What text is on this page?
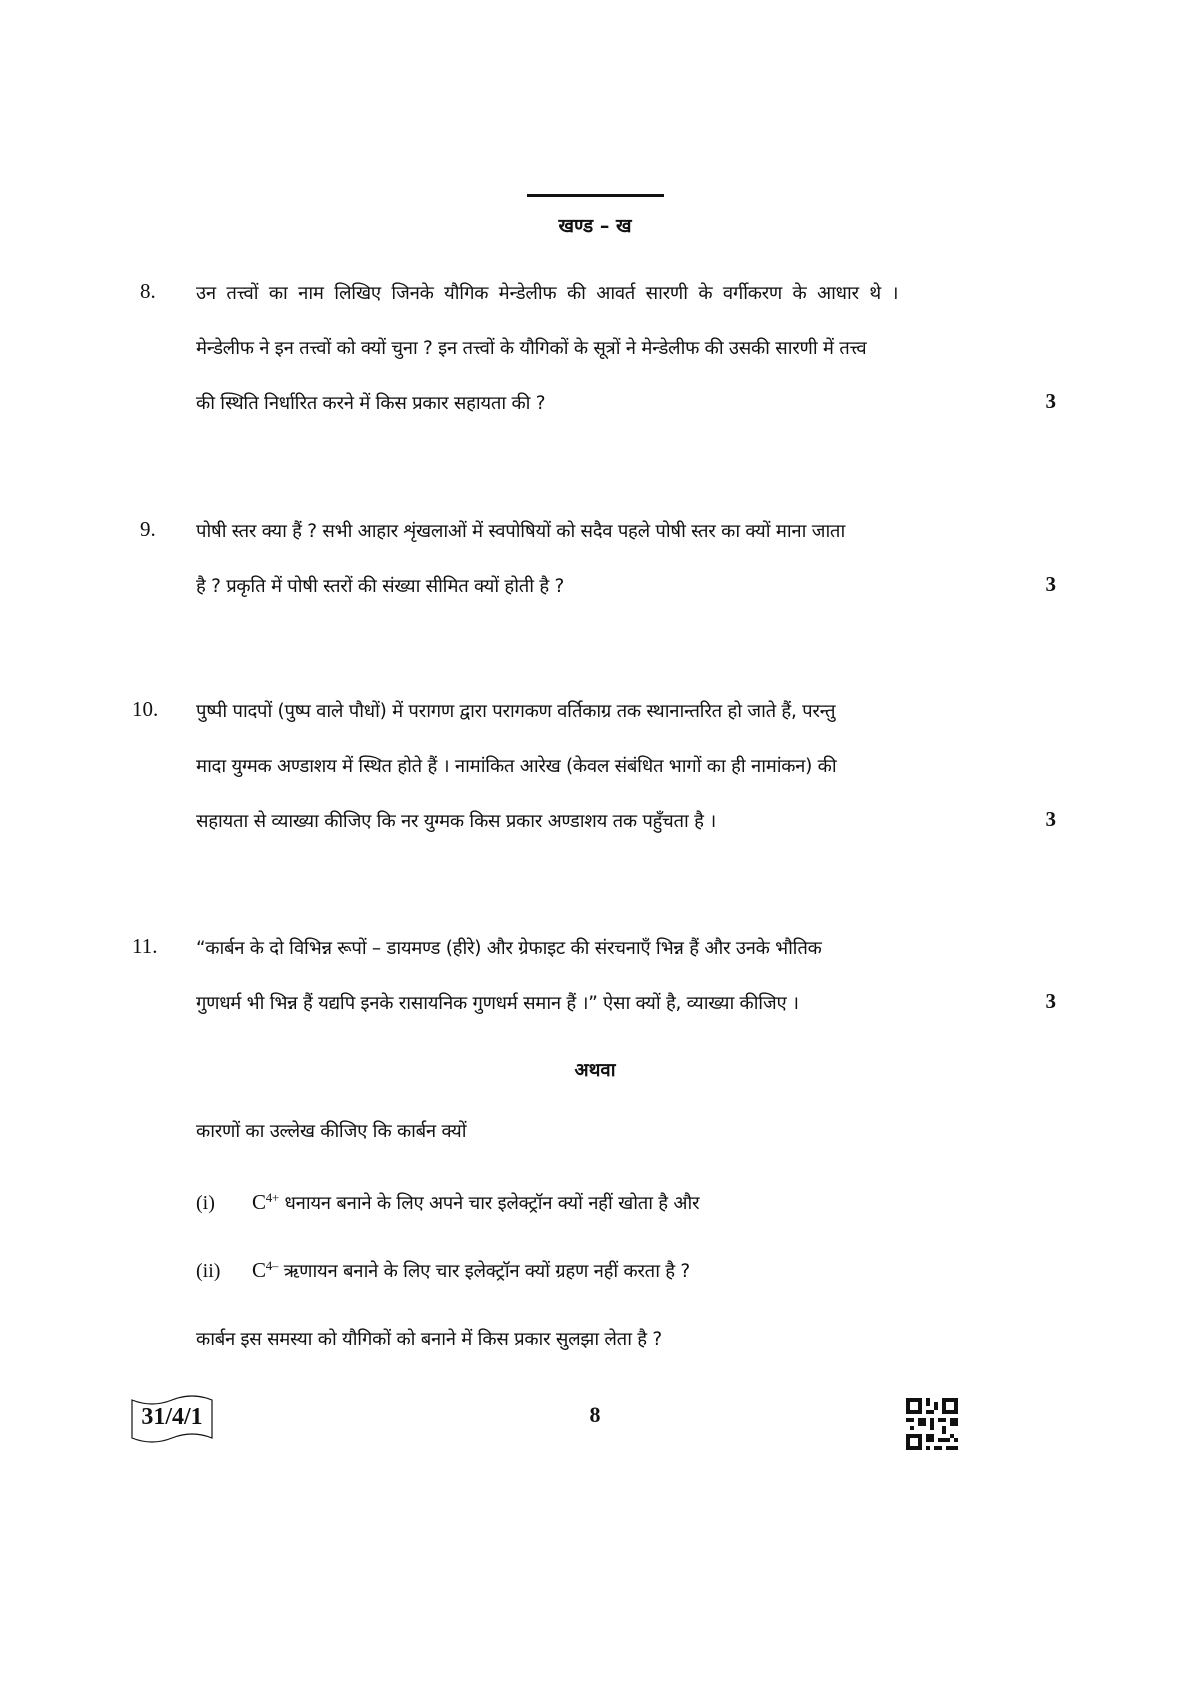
खण्ड – ख
8. उन तत्त्वों का नाम लिखिए जिनके यौगिक मेन्डेलीफ की आवर्त सारणी के वर्गीकरण के आधार थे ।
मेन्डेलीफ ने इन तत्त्वों को क्यों चुना ? इन तत्त्वों के यौगिकों के सूत्रों ने मेन्डेलीफ की उसकी सारणी में तत्त्व
की स्थिति निर्धारित करने में किस प्रकार सहायता की ?	3
9. पोषी स्तर क्या हैं ? सभी आहार शृंखलाओं में स्वपोषियों को सदैव पहले पोषी स्तर का क्यों माना जाता
है ? प्रकृति में पोषी स्तरों की संख्या सीमित क्यों होती है ?	3
10. पुष्पी पादपों (पुष्प वाले पौधों) में परागण द्वारा परागकण वर्तिकाग्र तक स्थानान्तरित हो जाते हैं, परन्तु
मादा युग्मक अण्डाशय में स्थित होते हैं । नामांकित आरेख (केवल संबंधित भागों का ही नामांकन) की
सहायता से व्याख्या कीजिए कि नर युग्मक किस प्रकार अण्डाशय तक पहुँचता है ।	3
11. “कार्बन के दो विभिन्न रूपों – डायमण्ड (हीरे) और ग्रेफाइट की संरचनाएँ भिन्न हैं और उनके भौतिक
गुणधर्म भी भिन्न हैं यद्यपि इनके रासायनिक गुणधर्म समान हैं ।” ऐसा क्यों है, व्याख्या कीजिए ।	3
अथवा
कारणों का उल्लेख कीजिए कि कार्बन क्यों
(i) $C^{4+}$ धनायन बनाने के लिए अपने चार इलेक्ट्रॉन क्यों नहीं खोता है और
(ii) $C^{4-}$ ऋणायन बनाने के लिए चार इलेक्ट्रॉन क्यों ग्रहण नहीं करता है ?
कार्बन इस समस्या को यौगिकों को बनाने में किस प्रकार सुलझा लेता है ?
31/4/1	8
